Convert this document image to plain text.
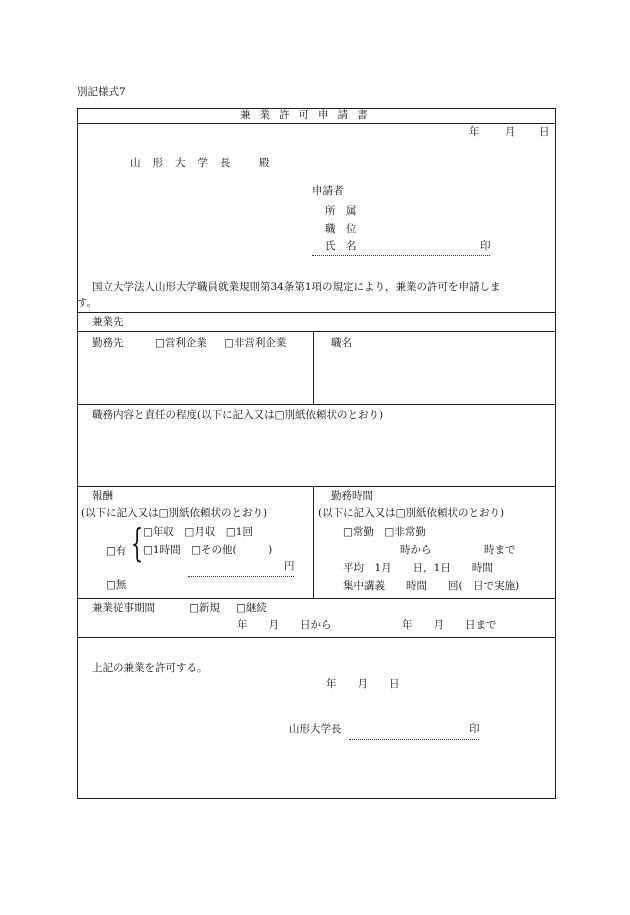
別記様式7
兼業許可申請書
年 月 日
山形大学長 殿
申請者
所　属
職　位
氏　名	印
国立大学法人山形大学職員就業規則第34条第1項の規定により，兼業の許可を申請しま
す。
兼業先
勤務先	□営利企業 □非営利企業	職名
職務内容と責任の程度(以下に記入又は□別紙依頼状のとおり)
報酬
(以下に記入又は□別紙依頼状のとおり)
{
□有
□年収　□月収　□1回
□1時間　□その他(　　　)
円
□無
勤務時間
(以下に記入又は□別紙依頼状のとおり)
□常勤　□非常勤
時から	時まで
平均　1月　　日，1日　　時間
集中講義　　時間　　回(　日で実施)
兼業従事期間	□新規 □継続
年　　月　　日から	年　　月　　日まで
上記の兼業を許可する。
年　　月　　日
山形大学長	印
